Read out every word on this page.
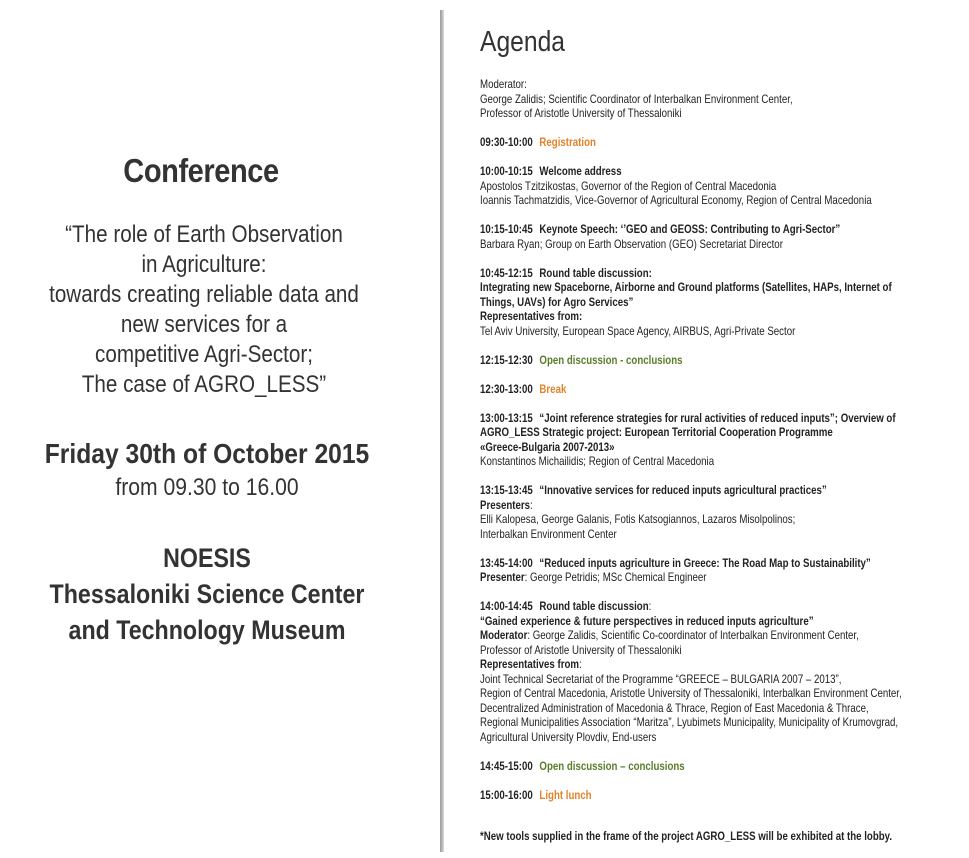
Conference
“The role of Earth Observation
in Agriculture:
towards creating reliable data and
new services for a
competitive Agri-Sector;
The case of AGRO_LESS”
Friday 30th of October 2015
from 09.30 to 16.00
NOESIS
Thessaloniki Science Center
and Technology Museum
Agenda
Moderator:
George Zalidis; Scientific Coordinator of Interbalkan Environment Center,
Professor of Aristotle University of Thessaloniki
09:30-10:00 Registration
10:00-10:15 Welcome address
Apostolos Tzitzikostas, Governor of the Region of Central Macedonia
Ioannis Tachmatzidis, Vice-Governor of Agricultural Economy, Region of Central Macedonia
10:15-10:45 Keynote Speech: ‘’GEO and GEOSS: Contributing to Agri-Sector”
Barbara Ryan; Group on Earth Observation (GEO) Secretariat Director
10:45-12:15 Round table discussion:
Integrating new Spaceborne, Airborne and Ground platforms (Satellites, HAPs, Internet of
Things, UAVs) for Agro Services”
Representatives from:
Tel Aviv University, European Space Agency, AIRBUS, Agri-Private Sector
12:15-12:30 Open discussion - conclusions
12:30-13:00 Break
13:00-13:15 “Joint reference strategies for rural activities of reduced inputs”; Overview of
AGRO_LESS Strategic project: European Territorial Cooperation Programme
«Greece-Bulgaria 2007-2013»
Konstantinos Michailidis; Region of Central Macedonia
13:15-13:45 “Innovative services for reduced inputs agricultural practices”
Presenters:
Elli Kalopesa, George Galanis, Fotis Katsogiannos, Lazaros Misolpolinos;
Interbalkan Environment Center
13:45-14:00 “Reduced inputs agriculture in Greece: The Road Map to Sustainability”
Presenter: George Petridis; MSc Chemical Engineer
14:00-14:45 Round table discussion:
“Gained experience & future perspectives in reduced inputs agriculture”
Moderator: George Zalidis, Scientific Co-coordinator of Interbalkan Environment Center,
Professor of Aristotle University of Thessaloniki
Representatives from:
Joint Technical Secretariat of the Programme “GREECE – BULGARIA 2007 – 2013”,
Region of Central Macedonia, Aristotle University of Thessaloniki, Interbalkan Environment Center,
Decentralized Administration of Macedonia & Thrace, Region of East Macedonia & Thrace,
Regional Municipalities Association “Maritza”, Lyubimets Municipality, Municipality of Krumovgrad,
Agricultural University Plovdiv, End-users
14:45-15:00 Open discussion – conclusions
15:00-16:00 Light lunch
*New tools supplied in the frame of the project AGRO_LESS will be exhibited at the lobby.
